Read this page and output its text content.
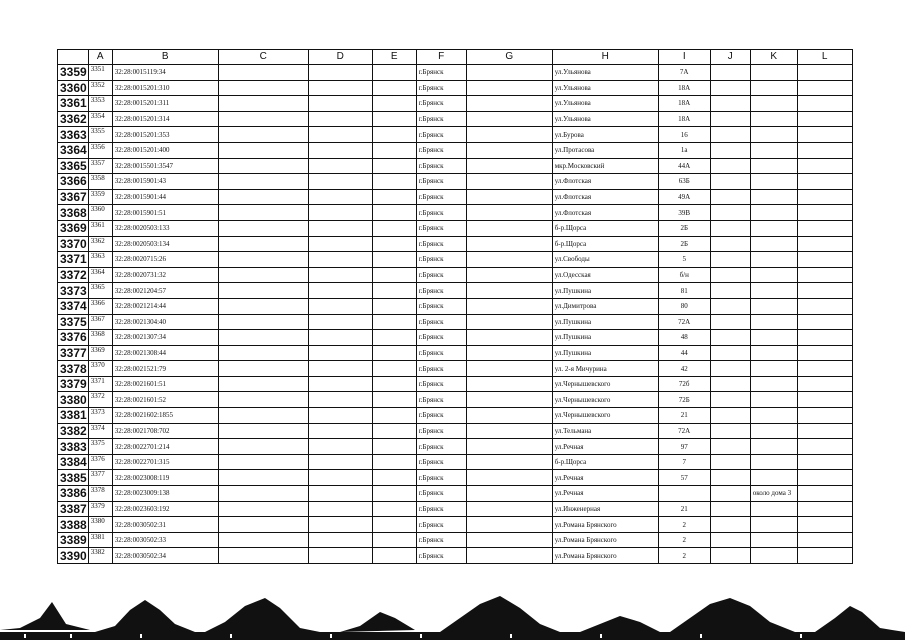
	A	B	C	D	E	F	G	H	I	J	K	L
3359	3351	32:28:0015119:34				г.Брянск		ул.Ульянова	7А			
3360	3352	32:28:0015201:310				г.Брянск		ул.Ульянова	18А			
3361	3353	32:28:0015201:311				г.Брянск		ул.Ульянова	18А			
3362	3354	32:28:0015201:314				г.Брянск		ул.Ульянова	18А			
3363	3355	32:28:0015201:353				г.Брянск		ул.Бурова	16			
3364	3356	32:28:0015201:400				г.Брянск		ул.Протасова	1а			
3365	3357	32:28:0015501:3547				г.Брянск		мкр.Московский	44А			
3366	3358	32:28:0015901:43				г.Брянск		ул.Флотская	63Б			
3367	3359	32:28:0015901:44				г.Брянск		ул.Флотская	49А			
3368	3360	32:28:0015901:51				г.Брянск		ул.Флотская	39В			
3369	3361	32:28:0020503:133				г.Брянск		б-р.Щорса	2Б			
3370	3362	32:28:0020503:134				г.Брянск		б-р.Щорса	2Б			
3371	3363	32:28:0020715:26				г.Брянск		ул.Свободы	5			
3372	3364	32:28:0020731:32				г.Брянск		ул.Одесская	б/н			
3373	3365	32:28:0021204:57				г.Брянск		ул.Пушкина	81			
3374	3366	32:28:0021214:44				г.Брянск		ул.Димитрова	80			
3375	3367	32:28:0021304:40				г.Брянск		ул.Пушкина	72А			
3376	3368	32:28:0021307:34				г.Брянск		ул.Пушкина	48			
3377	3369	32:28:0021308:44				г.Брянск		ул.Пушкина	44			
3378	3370	32:28:0021521:79				г.Брянск		ул. 2-я Мичурина	42			
3379	3371	32:28:0021601:51				г.Брянск		ул.Чернышевского	72б			
3380	3372	32:28:0021601:52				г.Брянск		ул.Чернышевского	72Б			
3381	3373	32:28:0021602:1855				г.Брянск		ул.Чернышевского	21			
3382	3374	32:28:0021708:702				г.Брянск		ул.Тельмана	72А			
3383	3375	32:28:0022701:214				г.Брянск		ул.Речная	97			
3384	3376	32:28:0022701:315				г.Брянск		б-р.Щорса	7			
3385	3377	32:28:0023008:119				г.Брянск		ул.Речная	57			
3386	3378	32:28:0023009:138				г.Брянск		ул.Речная			около дома 3	
3387	3379	32:28:0023603:192				г.Брянск		ул.Инженерная	21			
3388	3380	32:28:0030502:31				г.Брянск		ул.Романа Брянского	2			
3389	3381	32:28:0030502:33				г.Брянск		ул.Романа Брянского	2			
3390	3382	32:28:0030502:34				г.Брянск		ул.Романа Брянского	2			
